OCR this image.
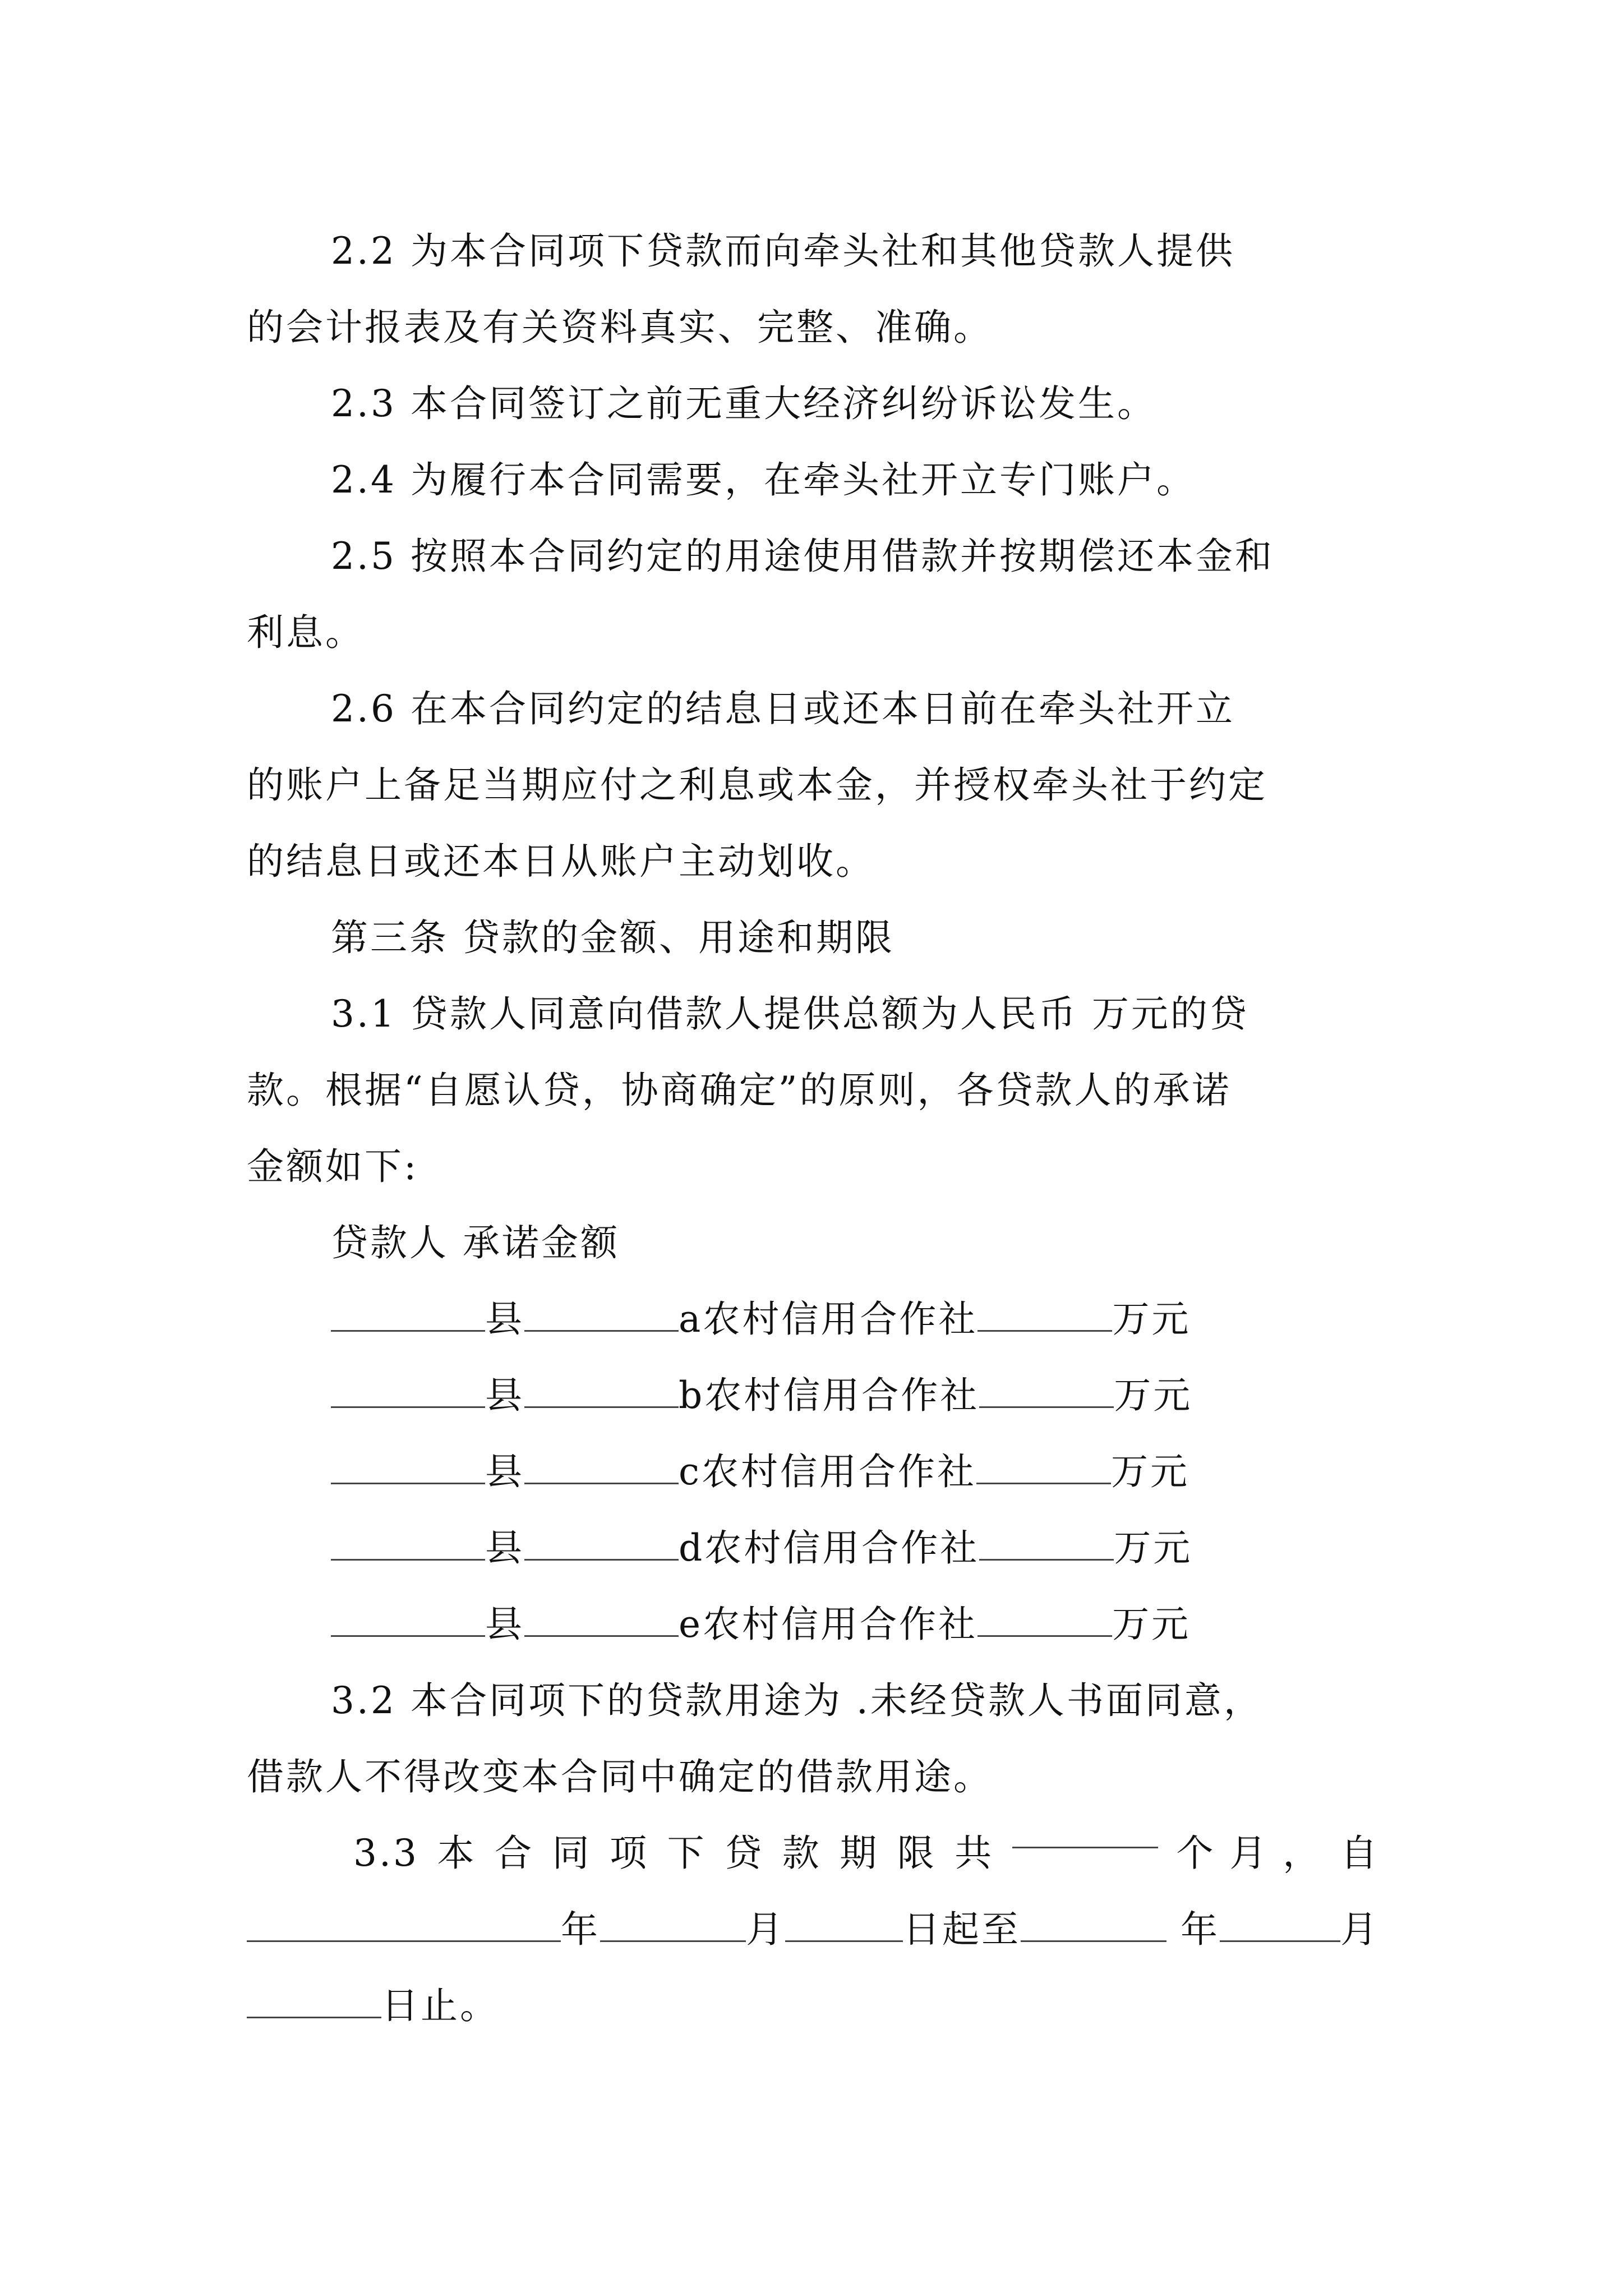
2.2 为本合同项下贷款而向牵头社和其他贷款人提供
的会计报表及有关资料真实、完整、准确。
2.3 本合同签订之前无重大经济纠纷诉讼发生。
2.4 为履行本合同需要，在牵头社开立专门账户。
2.5 按照本合同约定的用途使用借款并按期偿还本金和
利息。
2.6 在本合同约定的结息日或还本日前在牵头社开立
的账户上备足当期应付之利息或本金，并授权牵头社于约定
的结息日或还本日从账户主动划收。
第三条 贷款的金额、用途和期限
3.1 贷款人同意向借款人提供总额为人民币 万元的贷
款。根据“自愿认贷，协商确定”的原则，各贷款人的承诺
金额如下:
贷款人 承诺金额
县	a农村信用合作社	万元
县	b农村信用合作社	万元
县	c农村信用合作社	万元
县	d农村信用合作社	万元
县	e农村信用合作社	万元
3.2 本合同项下的贷款用途为 .未经贷款人书面同意，
借款人不得改变本合同中确定的借款用途。
3.3 本 合 同 项 下 贷 款 期 限 共	个 月 ， 自
年	月	日起至	年	月
日止。
